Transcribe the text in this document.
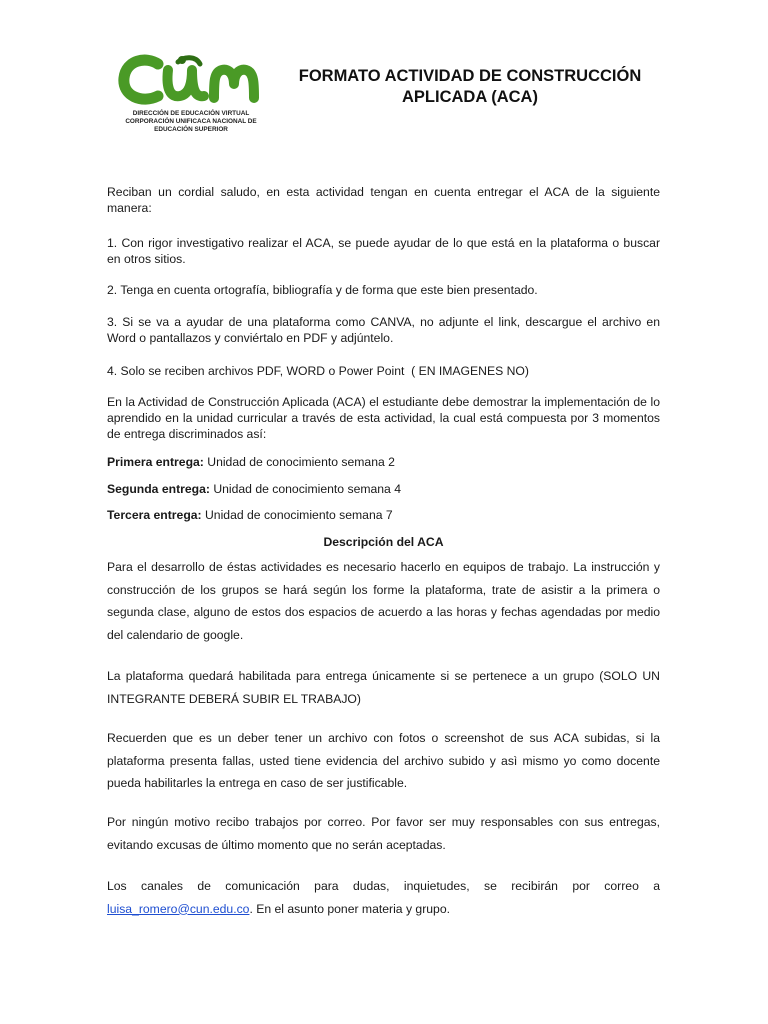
DIRECCIÓN DE EDUCACIÓN VIRTUAL
CORPORACIÓN UNIFICACA NACIONAL DE
EDUCACIÓN SUPERIOR
FORMATO ACTIVIDAD DE CONSTRUCCIÓN
APLICADA (ACA)

Reciban un cordial saludo, en esta actividad tengan en cuenta entregar el ACA de la siguiente manera:

1. Con rigor investigativo realizar el ACA, se puede ayudar de lo que está en la plataforma o buscar en otros sitios.

2. Tenga en cuenta ortografía, bibliografía y de forma que este bien presentado.

3. Si se va a ayudar de una plataforma como CANVA, no adjunte el link, descargue el archivo en Word o pantallazos y conviértalo en PDF y adjúntelo.

4. Solo se reciben archivos PDF, WORD o Power Point  ( EN IMAGENES NO)

En la Actividad de Construcción Aplicada (ACA) el estudiante debe demostrar la implementación de lo aprendido en la unidad curricular a través de esta actividad, la cual está compuesta por 3 momentos de entrega discriminados así:

Primera entrega: Unidad de conocimiento semana 2
Segunda entrega: Unidad de conocimiento semana 4
Tercera entrega: Unidad de conocimiento semana 7
Descripción del ACA

Para el desarrollo de éstas actividades es necesario hacerlo en equipos de trabajo. La instrucción y construcción de los grupos se hará según los forme la plataforma, trate de asistir a la primera o segunda clase, alguno de estos dos espacios de acuerdo a las horas y fechas agendadas por medio del calendario de google.

La plataforma quedará habilitada para entrega únicamente si se pertenece a un grupo (SOLO UN INTEGRANTE DEBERÁ SUBIR EL TRABAJO)

Recuerden que es un deber tener un archivo con fotos o screenshot de sus ACA subidas, si la plataforma presenta fallas, usted tiene evidencia del archivo subido y asì mismo yo como docente pueda habilitarles la entrega en caso de ser justificable.

Por ningún motivo recibo trabajos por correo. Por favor ser muy responsables con sus entregas, evitando excusas de último momento que no serán aceptadas.

Los canales de comunicación para dudas, inquietudes, se recibirán por correo a luisa_romero@cun.edu.co. En el asunto poner materia y grupo.
